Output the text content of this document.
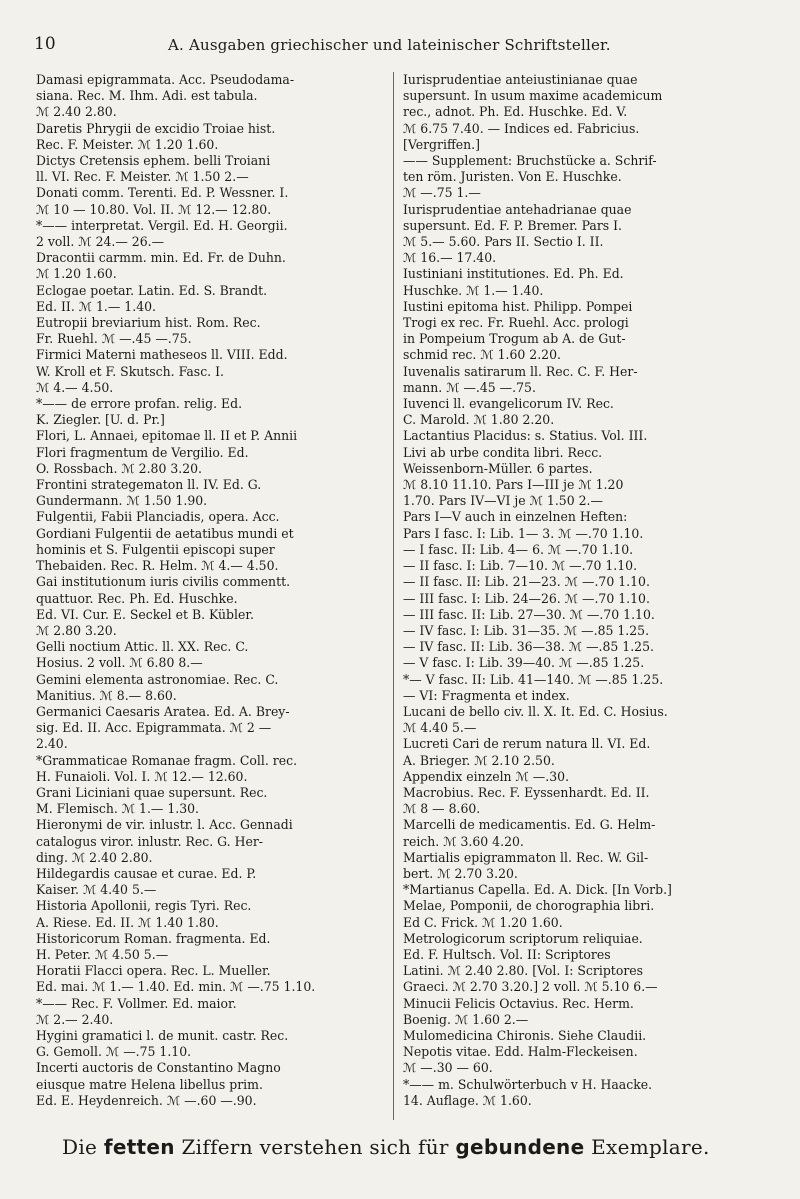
10	A. Ausgaben griechischer und lateinischer Schriftsteller.
Damasi epigrammata. Acc. Pseudodama-
siana. Rec. M. Ihm. Adi. est tabula.
ℳ 2.40 2.80.
Daretis Phrygii de excidio Troiae hist.
Rec. F. Meister. ℳ 1.20 1.60.
Dictys Cretensis ephem. belli Troiani
ll. VI. Rec. F. Meister. ℳ 1.50 2.—
Donati comm. Terenti. Ed. P. Wessner. I.
ℳ 10 — 10.80. Vol. II. ℳ 12.— 12.80.
*—— interpretat. Vergil. Ed. H. Georgii.
2 voll. ℳ 24.— 26.—
Dracontii carmm. min. Ed. Fr. de Duhn.
ℳ 1.20 1.60.
Eclogae poetar. Latin. Ed. S. Brandt.
Ed. II. ℳ 1.— 1.40.
Eutropii breviarium hist. Rom. Rec.
Fr. Ruehl. ℳ —.45 —.75.
Firmici Materni matheseos ll. VIII. Edd.
W. Kroll et F. Skutsch. Fasc. I.
ℳ 4.— 4.50.
*—— de errore profan. relig. Ed.
K. Ziegler. [U. d. Pr.]
Flori, L. Annaei, epitomae ll. II et P. Annii
Flori fragmentum de Vergilio. Ed.
O. Rossbach. ℳ 2.80 3.20.
Frontini strategematon ll. IV. Ed. G.
Gundermann. ℳ 1.50 1.90.
Fulgentii, Fabii Planciadis, opera. Acc.
Gordiani Fulgentii de aetatibus mundi et
hominis et S. Fulgentii episcopi super
Thebaiden. Rec. R. Helm. ℳ 4.— 4.50.
Gai institutionum iuris civilis commentt.
quattuor. Rec. Ph. Ed. Huschke.
Ed. VI. Cur. E. Seckel et B. Kübler.
ℳ 2.80 3.20.
Gelli noctium Attic. ll. XX. Rec. C.
Hosius. 2 voll. ℳ 6.80 8.—
Gemini elementa astronomiae. Rec. C.
Manitius. ℳ 8.— 8.60.
Germanici Caesaris Aratea. Ed. A. Brey-
sig. Ed. II. Acc. Epigrammata. ℳ 2 —
2.40.
*Grammaticae Romanae fragm. Coll. rec.
H. Funaioli. Vol. I. ℳ 12.— 12.60.
Grani Liciniani quae supersunt. Rec.
M. Flemisch. ℳ 1.— 1.30.
Hieronymi de vir. inlustr. l. Acc. Gennadi
catalogus viror. inlustr. Rec. G. Her-
ding. ℳ 2.40 2.80.
Hildegardis causae et curae. Ed. P.
Kaiser. ℳ 4.40 5.—
Historia Apollonii, regis Tyri. Rec.
A. Riese. Ed. II. ℳ 1.40 1.80.
Historicorum Roman. fragmenta. Ed.
H. Peter. ℳ 4.50 5.—
Horatii Flacci opera. Rec. L. Mueller.
Ed. mai. ℳ 1.— 1.40. Ed. min. ℳ —.75 1.10.
*—— Rec. F. Vollmer. Ed. maior.
ℳ 2.— 2.40.
Hygini gramatici l. de munit. castr. Rec.
G. Gemoll. ℳ —.75 1.10.
Incerti auctoris de Constantino Magno
eiusque matre Helena libellus prim.
Ed. E. Heydenreich. ℳ —.60 —.90.
Iurisprudentiae anteiustinianae quae
supersunt. In usum maxime academicum
rec., adnot. Ph. Ed. Huschke. Ed. V.
ℳ 6.75 7.40. — Indices ed. Fabricius.
[Vergriffen.]
—— Supplement: Bruchstücke a. Schrif-
ten röm. Juristen. Von E. Huschke.
ℳ —.75 1.—
Iurisprudentiae antehadrianae quae
supersunt. Ed. F. P. Bremer. Pars I.
ℳ 5.— 5.60. Pars II. Sectio I. II.
ℳ 16.— 17.40.
Iustiniani institutiones. Ed. Ph. Ed.
Huschke. ℳ 1.— 1.40.
Iustini epitoma hist. Philipp. Pompei
Trogi ex rec. Fr. Ruehl. Acc. prologi
in Pompeium Trogum ab A. de Gut-
schmid rec. ℳ 1.60 2.20.
Iuvenalis satirarum ll. Rec. C. F. Her-
mann. ℳ —.45 —.75.
Iuvenci ll. evangelicorum IV. Rec.
C. Marold. ℳ 1.80 2.20.
Lactantius Placidus: s. Statius. Vol. III.
Livi ab urbe condita libri. Recc.
Weissenborn-Müller. 6 partes.
ℳ 8.10 11.10. Pars I—III je ℳ 1.20
1.70. Pars IV—VI je ℳ 1.50 2.—
Pars I—V auch in einzelnen Heften:
Pars I fasc. I: Lib. 1— 3. ℳ —.70 1.10.
— I fasc. II: Lib. 4— 6. ℳ —.70 1.10.
— II fasc. I: Lib. 7—10. ℳ —.70 1.10.
— II fasc. II: Lib. 21—23. ℳ —.70 1.10.
— III fasc. I: Lib. 24—26. ℳ —.70 1.10.
— III fasc. II: Lib. 27—30. ℳ —.70 1.10.
— IV fasc. I: Lib. 31—35. ℳ —.85 1.25.
— IV fasc. II: Lib. 36—38. ℳ —.85 1.25.
— V fasc. I: Lib. 39—40. ℳ —.85 1.25.
*— V fasc. II: Lib. 41—140. ℳ —.85 1.25.
— VI: Fragmenta et index.
Lucani de bello civ. ll. X. It. Ed. C. Hosius.
ℳ 4.40 5.—
Lucreti Cari de rerum natura ll. VI. Ed.
A. Brieger. ℳ 2.10 2.50.
Appendix einzeln ℳ —.30.
Macrobius. Rec. F. Eyssenhardt. Ed. II.
ℳ 8 — 8.60.
Marcelli de medicamentis. Ed. G. Helm-
reich. ℳ 3.60 4.20.
Martialis epigrammaton ll. Rec. W. Gil-
bert. ℳ 2.70 3.20.
*Martianus Capella. Ed. A. Dick. [In Vorb.]
Melae, Pomponii, de chorographia libri.
Ed C. Frick. ℳ 1.20 1.60.
Metrologicorum scriptorum reliquiae.
Ed. F. Hultsch. Vol. II: Scriptores
Latini. ℳ 2.40 2.80. [Vol. I: Scriptores
Graeci. ℳ 2.70 3.20.] 2 voll. ℳ 5.10 6.—
Minucii Felicis Octavius. Rec. Herm.
Boenig. ℳ 1.60 2.—
Mulomedicina Chironis. Siehe Claudii.
Nepotis vitae. Edd. Halm-Fleckeisen.
ℳ —.30 — 60.
*—— m. Schulwörterbuch v H. Haacke.
14. Auflage. ℳ 1.60.
Die fetten Ziffern verstehen sich für gebundene Exemplare.
